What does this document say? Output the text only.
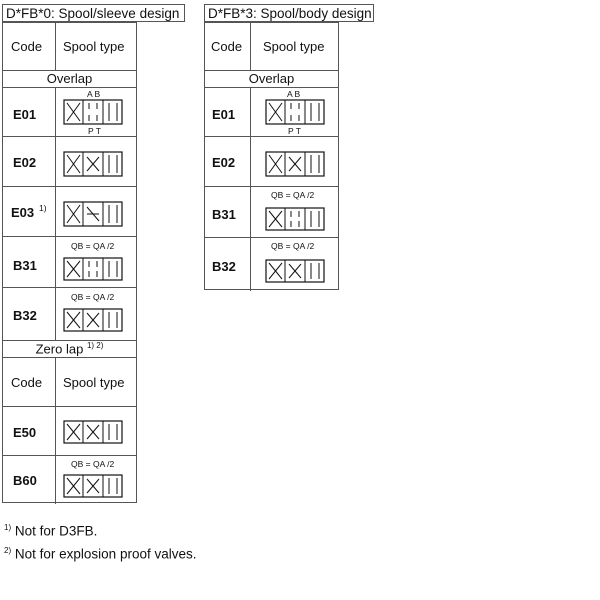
D*FB*0: Spool/sleeve design D*FB*3: Spool/body design
Code Spool type
Overlap
E01
A B
P T
E02
E03 1)
B31
QB = QA /2
B32
QB = QA /2
Zero lap $^{1) 2)}$
Code Spool type
E50
B60
QB = QA /2
Code Spool type
Overlap
E01
A B
P T
E02
B31
QB = QA /2
B32
QB = QA /2
$^{1)}$ Not for D3FB.
$^{2)}$ Not for explosion proof valves.
